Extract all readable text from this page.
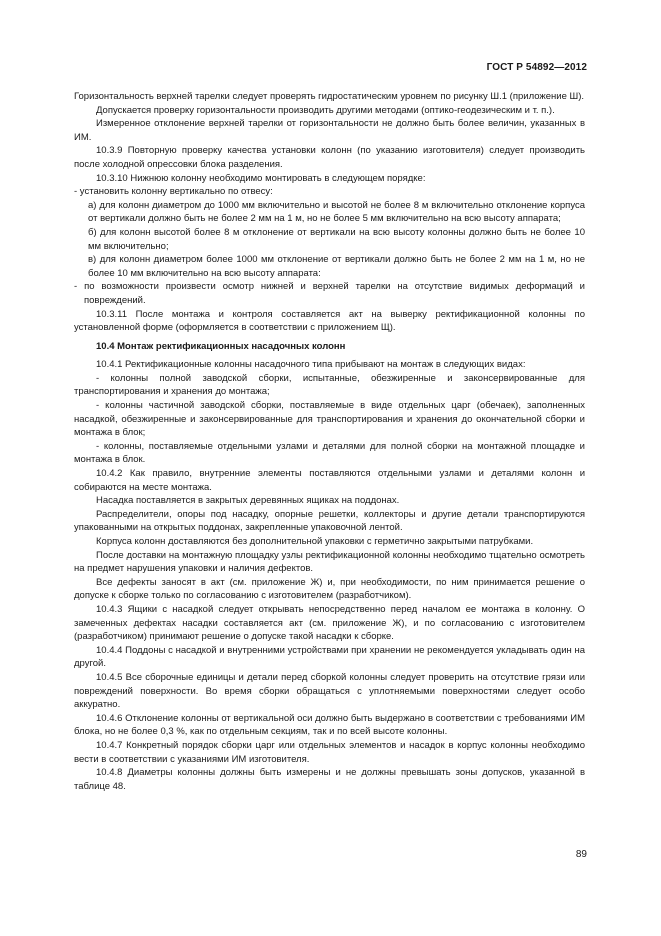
ГОСТ Р 54892—2012

Горизонтальность верхней тарелки следует проверять гидростатическим уровнем по рисунку Ш.1 (приложение Ш).

Допускается проверку горизонтальности производить другими методами (оптико-геодезическим и т. п.).

Измеренное отклонение верхней тарелки от горизонтальности не должно быть более величин, указанных в ИМ.

10.3.9 Повторную проверку качества установки колонн (по указанию изготовителя) следует производить после холодной опрессовки блока разделения.

10.3.10 Нижнюю колонну необходимо монтировать в следующем порядке:

- установить колонну вертикально по отвесу:

а) для колонн диаметром до 1000 мм включительно и высотой не более 8 м включительно отклонение корпуса от вертикали должно быть не более 2 мм на 1 м, но не более 5 мм включительно на всю высоту аппарата;

б) для колонн высотой более 8 м отклонение от вертикали на всю высоту колонны должно быть не более 10 мм включительно;

в) для колонн диаметром более 1000 мм отклонение от вертикали должно быть не более 2 мм на 1 м, но не более 10 мм включительно на всю высоту аппарата:

- по возможности произвести осмотр нижней и верхней тарелки на отсутствие видимых деформаций и повреждений.

10.3.11 После монтажа и контроля составляется акт на выверку ректификационной колонны по установленной форме (оформляется в соответствии с приложением Щ).

10.4 Монтаж ректификационных насадочных колонн

10.4.1 Ректификационные колонны насадочного типа прибывают на монтаж в следующих видах:

- колонны полной заводской сборки, испытанные, обезжиренные и законсервированные для транспортирования и хранения до монтажа;

- колонны частичной заводской сборки, поставляемые в виде отдельных царг (обечаек), заполненных насадкой, обезжиренные и законсервированные для транспортирования и хранения до окончательной сборки и монтажа в блок;

- колонны, поставляемые отдельными узлами и деталями для полной сборки на монтажной площадке и монтажа в блок.

10.4.2 Как правило, внутренние элементы поставляются отдельными узлами и деталями колонн и собираются на месте монтажа.

Насадка поставляется в закрытых деревянных ящиках на поддонах.

Распределители, опоры под насадку, опорные решетки, коллекторы и другие детали транспортируются упакованными на открытых поддонах, закрепленные упаковочной лентой.

Корпуса колонн доставляются без дополнительной упаковки с герметично закрытыми патрубками.

После доставки на монтажную площадку узлы ректификационной колонны необходимо тщательно осмотреть на предмет нарушения упаковки и наличия дефектов.

Все дефекты заносят в акт (см. приложение Ж) и, при необходимости, по ним принимается решение о допуске к сборке только по согласованию с изготовителем (разработчиком).

10.4.3 Ящики с насадкой следует открывать непосредственно перед началом ее монтажа в колонну. О замеченных дефектах насадки составляется акт (см. приложение Ж), и по согласованию с изготовителем (разработчиком) принимают решение о допуске такой насадки к сборке.

10.4.4 Поддоны с насадкой и внутренними устройствами при хранении не рекомендуется укладывать один на другой.

10.4.5 Все сборочные единицы и детали перед сборкой колонны следует проверить на отсутствие грязи или повреждений поверхности. Во время сборки обращаться с уплотняемыми поверхностями следует особо аккуратно.

10.4.6 Отклонение колонны от вертикальной оси должно быть выдержано в соответствии с требованиями ИМ блока, но не более 0,3 %, как по отдельным секциям, так и по всей высоте колонны.

10.4.7 Конкретный порядок сборки царг или отдельных элементов и насадок в корпус колонны необходимо вести в соответствии с указаниями ИМ изготовителя.

10.4.8 Диаметры колонны должны быть измерены и не должны превышать зоны допусков, указанной в таблице 48.

89
